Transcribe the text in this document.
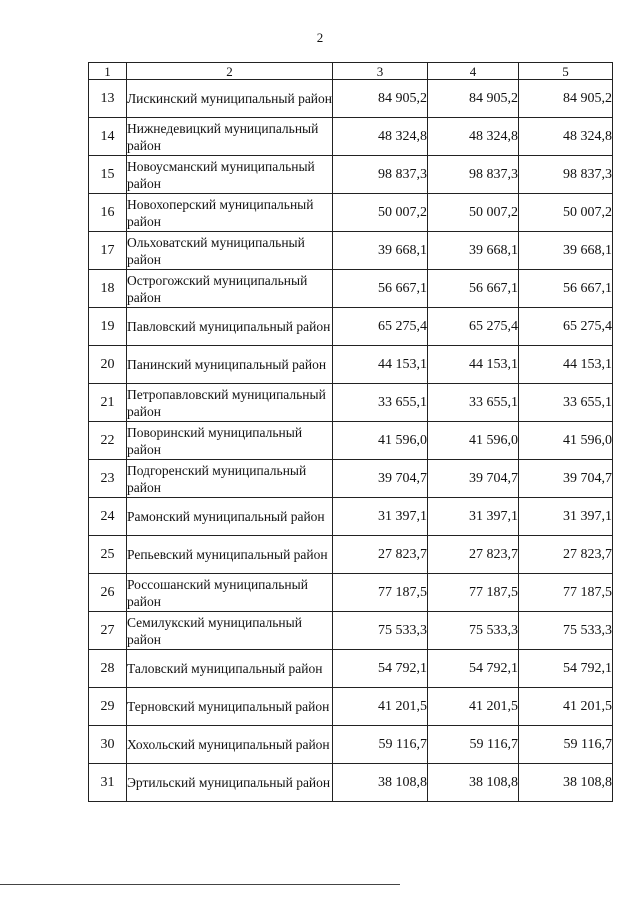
2
1	2	3	4	5
13	Лискинский муниципальный район	84 905,2	84 905,2	84 905,2
14	Нижнедевицкий муниципальный район	48 324,8	48 324,8	48 324,8
15	Новоусманский муниципальный район	98 837,3	98 837,3	98 837,3
16	Новохоперский муниципальный район	50 007,2	50 007,2	50 007,2
17	Ольховатский муниципальный район	39 668,1	39 668,1	39 668,1
18	Острогожский муниципальный район	56 667,1	56 667,1	56 667,1
19	Павловский муниципальный район	65 275,4	65 275,4	65 275,4
20	Панинский муниципальный район	44 153,1	44 153,1	44 153,1
21	Петропавловский муниципальный район	33 655,1	33 655,1	33 655,1
22	Поворинский муниципальный район	41 596,0	41 596,0	41 596,0
23	Подгоренский муниципальный район	39 704,7	39 704,7	39 704,7
24	Рамонский муниципальный район	31 397,1	31 397,1	31 397,1
25	Репьевский муниципальный район	27 823,7	27 823,7	27 823,7
26	Россошанский муниципальный район	77 187,5	77 187,5	77 187,5
27	Семилукский муниципальный район	75 533,3	75 533,3	75 533,3
28	Таловский муниципальный район	54 792,1	54 792,1	54 792,1
29	Терновский муниципальный район	41 201,5	41 201,5	41 201,5
30	Хохольский муниципальный район	59 116,7	59 116,7	59 116,7
31	Эртильский муниципальный район	38 108,8	38 108,8	38 108,8
